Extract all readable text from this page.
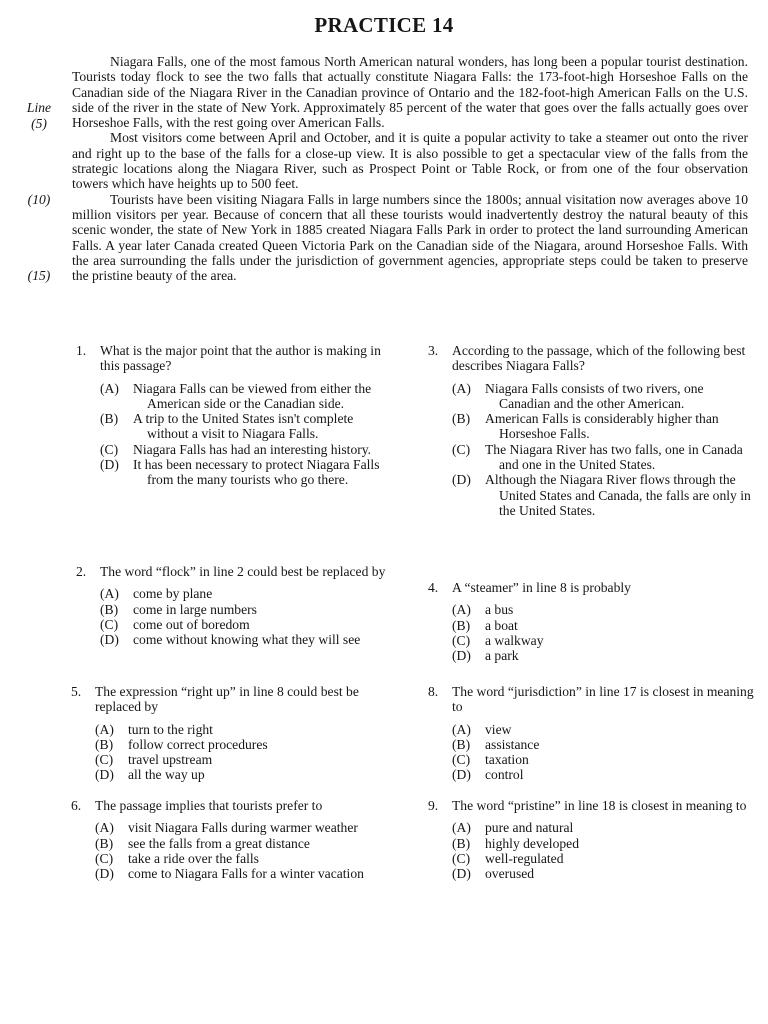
PRACTICE 14
Line
(5)
(10)
(15)

Niagara Falls, one of the most famous North American natural wonders, has long been a popular tourist destination. Tourists today flock to see the two falls that actually constitute Niagara Falls: the 173-foot-high Horseshoe Falls on the Canadian side of the Niagara River in the Canadian province of Ontario and the 182-foot-high American Falls on the U.S. side of the river in the state of New York. Approximately 85 percent of the water that goes over the falls actually goes over Horseshoe Falls, with the rest going over American Falls.

Most visitors come between April and October, and it is quite a popular activity to take a steamer out onto the river and right up to the base of the falls for a close-up view. It is also possible to get a spectacular view of the falls from the strategic locations along the Niagara River, such as Prospect Point or Table Rock, or from one of the four observation towers which have heights up to 500 feet.

Tourists have been visiting Niagara Falls in large numbers since the 1800s; annual visitation now averages above 10 million visitors per year. Because of concern that all these tourists would inadvertently destroy the natural beauty of this scenic wonder, the state of New York in 1885 created Niagara Falls Park in order to protect the land surrounding American Falls. A year later Canada created Queen Victoria Park on the Canadian side of the Niagara, around Horseshoe Falls. With the area surrounding the falls under the jurisdiction of government agencies, appropriate steps could be taken to preserve the pristine beauty of the area.

1. What is the major point that the author is making in this passage?
(A) Niagara Falls can be viewed from either the American side or the Canadian side.
(B) A trip to the United States isn't complete without a visit to Niagara Falls.
(C) Niagara Falls has had an interesting history.
(D) It has been necessary to protect Niagara Falls from the many tourists who go there.
2. The word “flock” in line 2 could best be replaced by
(A) come by plane
(B) come in large numbers
(C) come out of boredom
(D) come without knowing what they will see
3. According to the passage, which of the following best describes Niagara Falls?
(A) Niagara Falls consists of two rivers, one Canadian and the other American.
(B) American Falls is considerably higher than Horseshoe Falls.
(C) The Niagara River has two falls, one in Canada and one in the United States.
(D) Although the Niagara River flows through the United States and Canada, the falls are only in the United States.
4. A “steamer” in line 8 is probably
(A) a bus
(B) a boat
(C) a walkway
(D) a park
5. The expression “right up” in line 8 could best be replaced by
(A) turn to the right
(B) follow correct procedures
(C) travel upstream
(D) all the way up
6. The passage implies that tourists prefer to
(A) visit Niagara Falls during warmer weather
(B) see the falls from a great distance
(C) take a ride over the falls
(D) come to Niagara Falls for a winter vacation
8. The word “jurisdiction” in line 17 is closest in meaning to
(A) view
(B) assistance
(C) taxation
(D) control
9. The word “pristine” in line 18 is closest in meaning to
(A) pure and natural
(B) highly developed
(C) well-regulated
(D) overused
